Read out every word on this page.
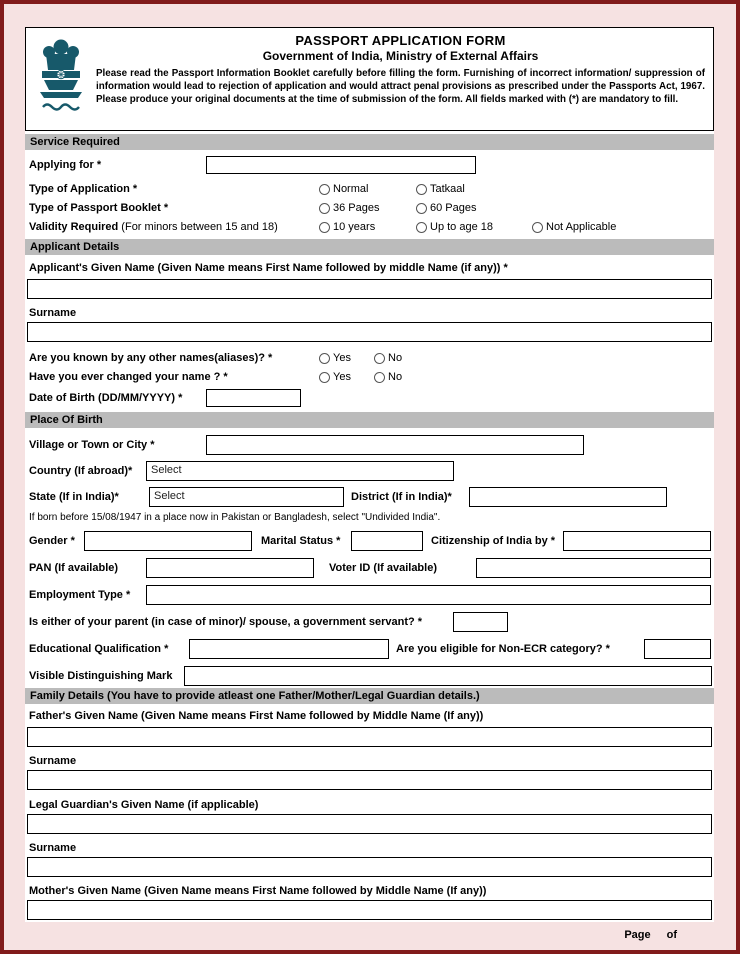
PASSPORT APPLICATION FORM
Government of India, Ministry of External Affairs
Please read the Passport Information Booklet carefully before filling the form. Furnishing of incorrect information/ suppression of information would lead to rejection of application and would attract penal provisions as prescribed under the Passports Act, 1967. Please produce your original documents at the time of submission of the form. All fields marked with (*) are mandatory to fill.
Service Required
Applying for *
Type of Application *	Normal	Tatkaal
Type of Passport Booklet *	36 Pages	60 Pages
Validity Required (For minors between 15 and 18)	10 years	Up to age 18	Not Applicable
Applicant Details
Applicant's Given Name (Given Name means First Name followed by middle Name (if any)) *
Surname
Are you known by any other names(aliases)? *	Yes	No
Have you ever changed your name ? *	Yes	No
Date of Birth (DD/MM/YYYY) *
Place Of Birth
Village or Town or City *
Country (If abroad)*	Select
State (If in India)*	Select	District (If in India)*
If born before 15/08/1947 in a place now in Pakistan or Bangladesh, select "Undivided India".
Gender *	Marital Status *	Citizenship of India by *
PAN (If available)	Voter ID (If available)
Employment Type *
Is either of your parent (in case of minor)/ spouse, a government servant? *
Educational Qualification *	Are you eligible for Non-ECR category? *
Visible Distinguishing Mark
Family Details (You have to provide atleast one Father/Mother/Legal Guardian details.)
Father's Given Name (Given Name means First Name followed by Middle Name (If any))
Surname
Legal Guardian's Given Name (if applicable)
Surname
Mother's Given Name (Given Name means First Name followed by Middle Name (If any))
Page of
